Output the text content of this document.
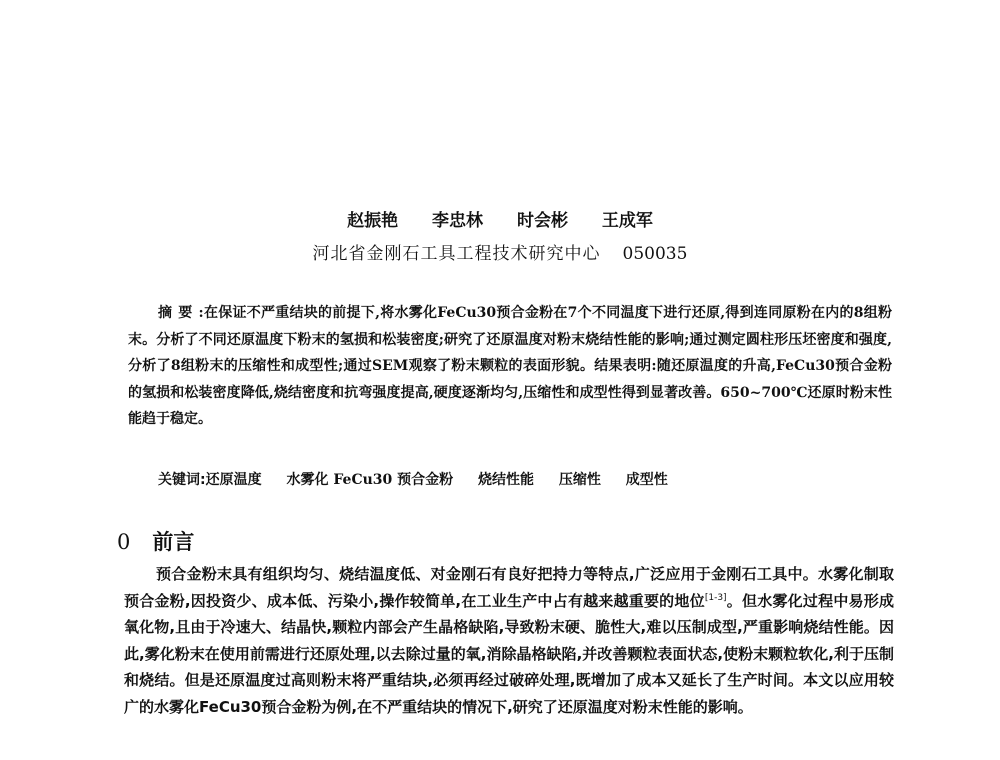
赵振艳 李忠林 时会彬 王成军
河北省金刚石工具工程技术研究中心 050035
摘要:在保证不严重结块的前提下,将水雾化FeCu30预合金粉在7个不同温度下进行还原,得到连同原粉在内的8组粉末。分析了不同还原温度下粉末的氢损和松装密度;研究了还原温度对粉末烧结性能的影响;通过测定圆柱形压坯密度和强度,分析了8组粉末的压缩性和成型性;通过SEM观察了粉末颗粒的表面形貌。结果表明:随还原温度的升高,FeCu30预合金粉的氢损和松装密度降低,烧结密度和抗弯强度提高,硬度逐渐均匀,压缩性和成型性得到显著改善。650~700℃还原时粉末性能趋于稳定。
关键词:还原温度 水雾化 FeCu30 预合金粉 烧结性能 压缩性 成型性
0 前言
预合金粉末具有组织均匀、烧结温度低、对金刚石有良好把持力等特点,广泛应用于金刚石工具中。水雾化制取预合金粉,因投资少、成本低、污染小,操作较简单,在工业生产中占有越来越重要的地位[1-3]。但水雾化过程中易形成氧化物,且由于冷速大、结晶快,颗粒内部会产生晶格缺陷,导致粉末硬、脆性大,难以压制成型,严重影响烧结性能。因此,雾化粉末在使用前需进行还原处理,以去除过量的氧,消除晶格缺陷,并改善颗粒表面状态,使粉末颗粒软化,利于压制和烧结。但是还原温度过高则粉末将严重结块,必须再经过破碎处理,既增加了成本又延长了生产时间。本文以应用较广的水雾化FeCu30预合金粉为例,在不严重结块的情况下,研究了还原温度对粉末性能的影响。
